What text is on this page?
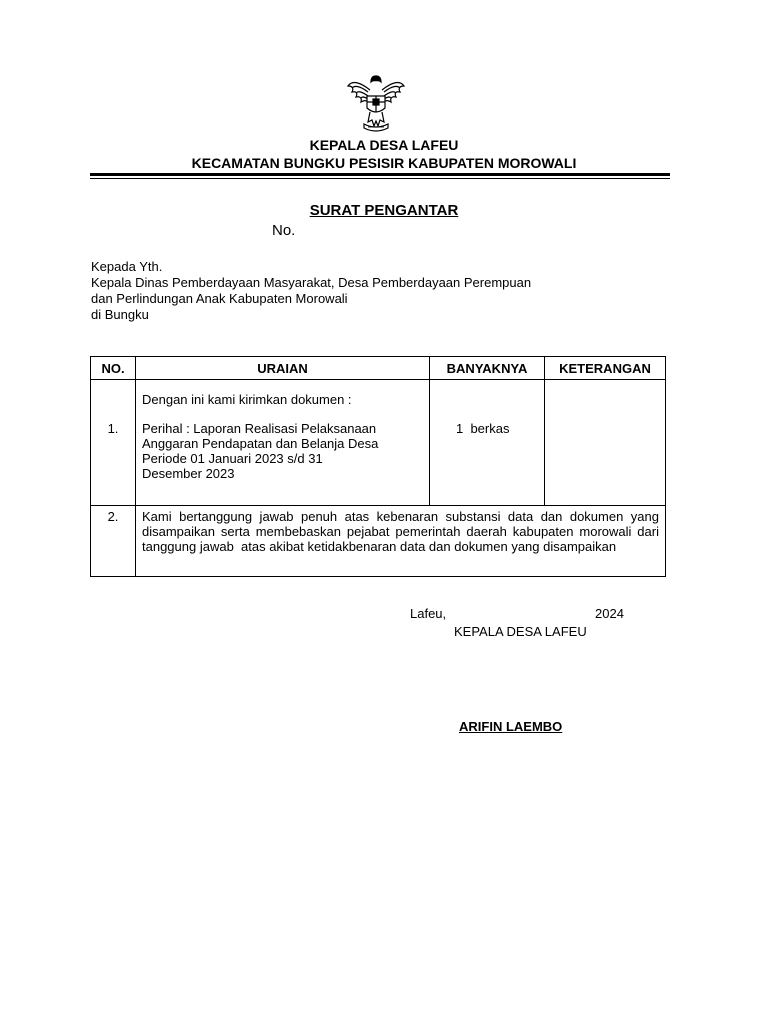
KEPALA DESA LAFEU
KECAMATAN BUNGKU PESISIR KABUPATEN MOROWALI
SURAT PENGANTAR
No.
Kepada Yth.
Kepala Dinas Pemberdayaan Masyarakat, Desa Pemberdayaan Perempuan
dan Perlindungan Anak Kabupaten Morowali
di Bungku
NO.	URAIAN	BANYAKNYA	KETERANGAN

1.	Dengan ini kami kirimkan dokumen :
Perihal : Laporan Realisasi Pelaksanaan
Anggaran Pendapatan dan Belanja Desa
Periode 01 Januari 2023 s/d 31
Desember 2023	1  berkas	

2.	Kami bertanggung jawab penuh atas kebenaran substansi data dan dokumen yang disampaikan serta membebaskan pejabat pemerintah daerah kabupaten morowali dari tanggung jawab  atas akibat ketidakbenaran data dan dokumen yang disampaikan		
Lafeu,	2024
KEPALA DESA LAFEU
ARIFIN LAEMBO
